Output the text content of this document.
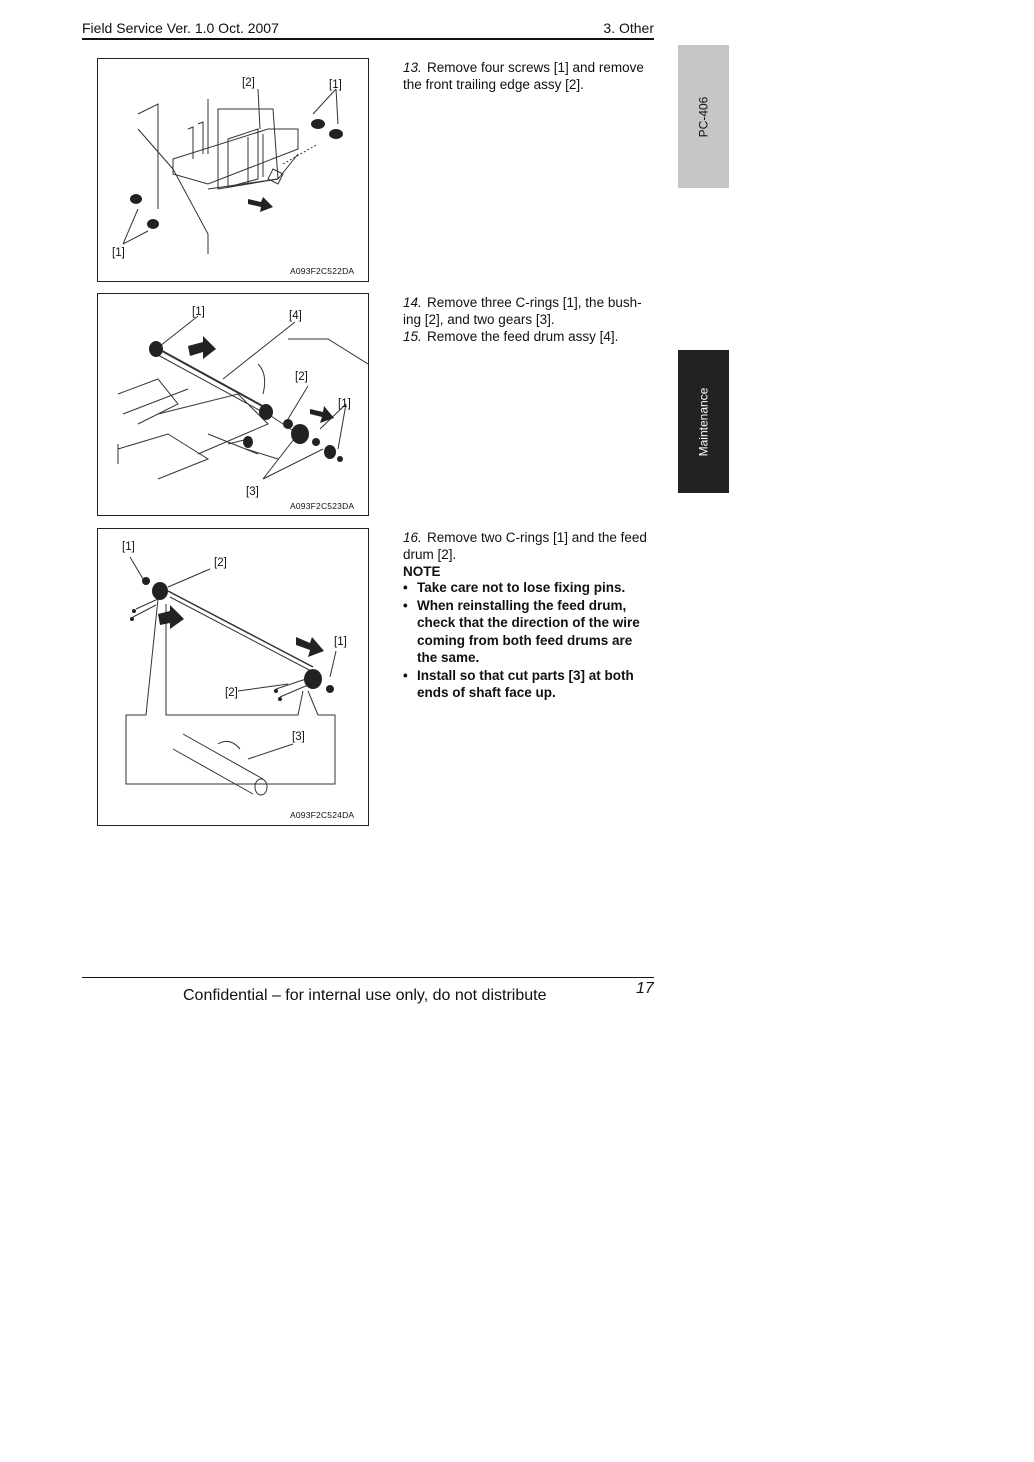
Field Service Ver. 1.0 Oct. 2007	3. Other
PC-406
Maintenance
[2]	[1]
[1]
A093F2C522DA
[1]	[4]
[2]
[1]
[3]
A093F2C523DA
[1]
[2]
[1]
[2]
[3]
A093F2C524DA
13. Remove four screws [1] and remove
the front trailing edge assy [2].
14. Remove three C-rings [1], the bush-
ing [2], and two gears [3].
15. Remove the feed drum assy [4].
16. Remove two C-rings [1] and the feed
drum [2].
NOTE
• Take care not to lose fixing pins.
• When reinstalling the feed drum,
check that the direction of the wire
coming from both feed drums are
the same.
• Install so that cut parts [3] at both
ends of shaft face up.
Confidential – for internal use only, do not distribute	17
